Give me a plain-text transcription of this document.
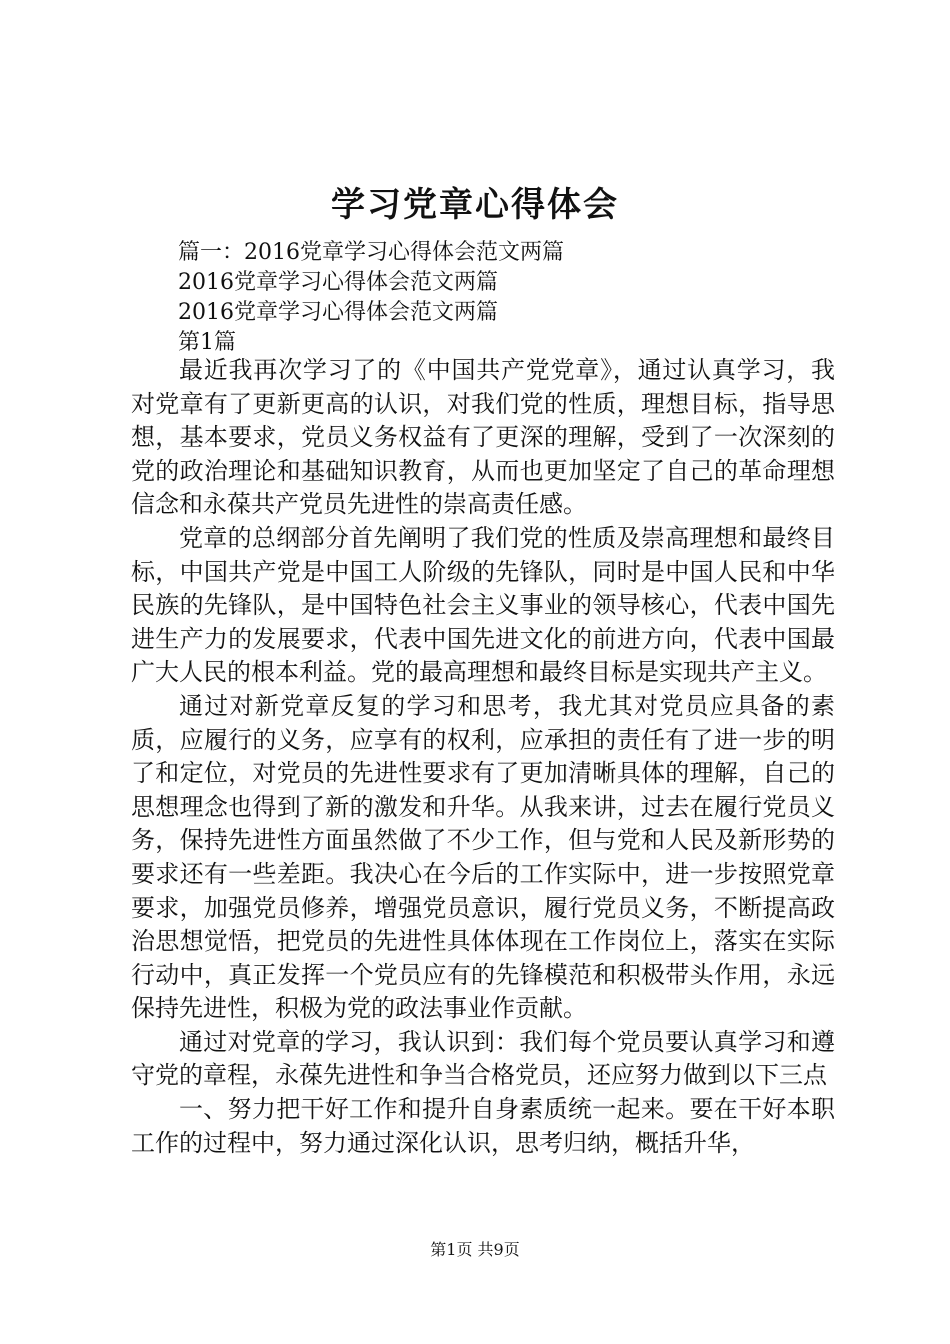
学习党章心得体会
篇一：2016党章学习心得体会范文两篇
2016党章学习心得体会范文两篇
2016党章学习心得体会范文两篇
第1篇

最近我再次学习了的《中国共产党党章》，通过认真学习，我对党章有了更新更高的认识，对我们党的性质，理想目标，指导思想，基本要求，党员义务权益有了更深的理解，受到了一次深刻的党的政治理论和基础知识教育，从而也更加坚定了自己的革命理想信念和永葆共产党员先进性的崇高责任感。

党章的总纲部分首先阐明了我们党的性质及崇高理想和最终目标，中国共产党是中国工人阶级的先锋队，同时是中国人民和中华民族的先锋队，是中国特色社会主义事业的领导核心，代表中国先进生产力的发展要求，代表中国先进文化的前进方向，代表中国最广大人民的根本利益。党的最高理想和最终目标是实现共产主义。

通过对新党章反复的学习和思考，我尤其对党员应具备的素质，应履行的义务，应享有的权利，应承担的责任有了进一步的明了和定位，对党员的先进性要求有了更加清晰具体的理解，自己的思想理念也得到了新的激发和升华。从我来讲，过去在履行党员义务，保持先进性方面虽然做了不少工作，但与党和人民及新形势的要求还有一些差距。我决心在今后的工作实际中，进一步按照党章要求，加强党员修养，增强党员意识，履行党员义务，不断提高政治思想觉悟，把党员的先进性具体体现在工作岗位上，落实在实际行动中，真正发挥一个党员应有的先锋模范和积极带头作用，永远保持先进性，积极为党的政法事业作贡献。

通过对党章的学习，我认识到：我们每个党员要认真学习和遵守党的章程，永葆先进性和争当合格党员，还应努力做到以下三点

一、努力把干好工作和提升自身素质统一起来。要在干好本职工作的过程中，努力通过深化认识，思考归纳，概括升华，

第1页 共9页
